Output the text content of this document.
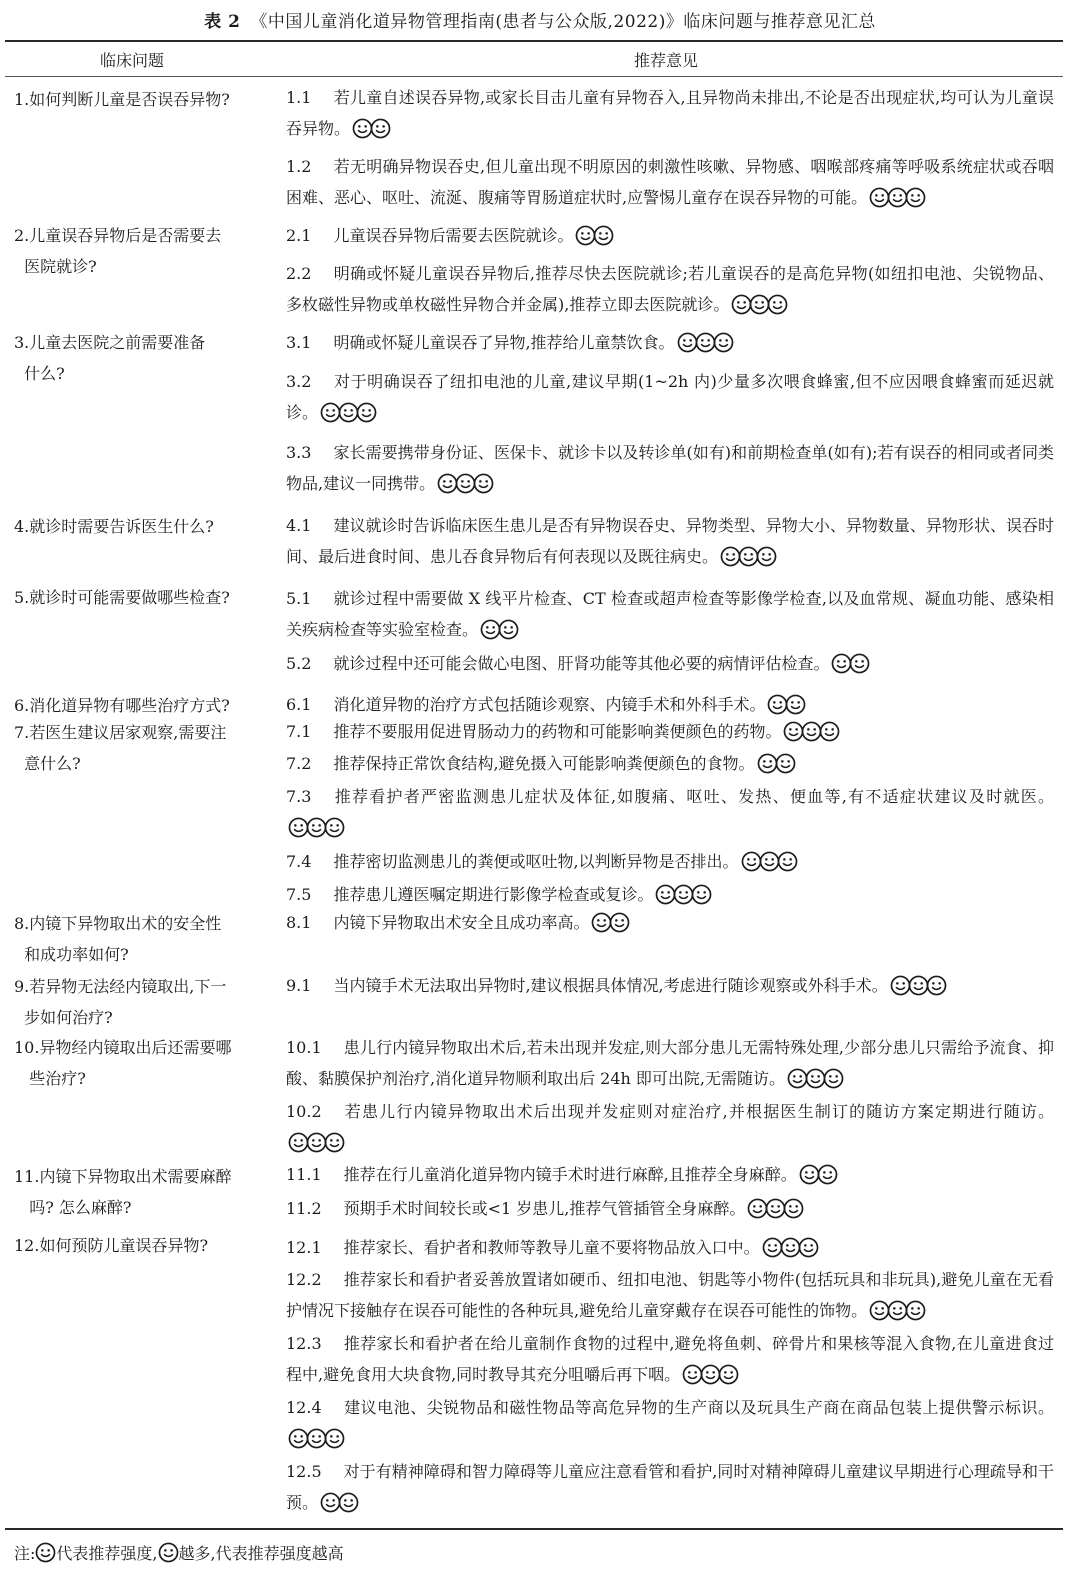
表 2 《中国儿童消化道异物管理指南(患者与公众版,2022)》临床问题与推荐意见汇总
临床问题	推荐意见
1.如何判断儿童是否误吞异物?
2.儿童误吞异物后是否需要去
医院就诊?
3.儿童去医院之前需要准备
什么?
4.就诊时需要告诉医生什么?
5.就诊时可能需要做哪些检查?
6.消化道异物有哪些治疗方式?
7.若医生建议居家观察,需要注
意什么?
8.内镜下异物取出术的安全性
和成功率如何?
9.若异物无法经内镜取出,下一
步如何治疗?
10.异物经内镜取出后还需要哪
些治疗?
11.内镜下异物取出术需要麻醉
吗? 怎么麻醉?
12.如何预防儿童误吞异物?
1.1 若儿童自述误吞异物,或家长目击儿童有异物吞入,且异物尚未排出,不论是否出现症状,均可认为儿童误吞异物。
1.2 若无明确异物误吞史,但儿童出现不明原因的刺激性咳嗽、异物感、咽喉部疼痛等呼吸系统症状或吞咽困难、恶心、呕吐、流涎、腹痛等胃肠道症状时,应警惕儿童存在误吞异物的可能。
2.1 儿童误吞异物后需要去医院就诊。
2.2 明确或怀疑儿童误吞异物后,推荐尽快去医院就诊;若儿童误吞的是高危异物(如纽扣电池、尖锐物品、多枚磁性异物或单枚磁性异物合并金属),推荐立即去医院就诊。
3.1 明确或怀疑儿童误吞了异物,推荐给儿童禁饮食。
3.2 对于明确误吞了纽扣电池的儿童,建议早期(1~2h 内)少量多次喂食蜂蜜,但不应因喂食蜂蜜而延迟就诊。
3.3 家长需要携带身份证、医保卡、就诊卡以及转诊单(如有)和前期检查单(如有);若有误吞的相同或者同类物品,建议一同携带。
4.1 建议就诊时告诉临床医生患儿是否有异物误吞史、异物类型、异物大小、异物数量、异物形状、误吞时间、最后进食时间、患儿吞食异物后有何表现以及既往病史。
5.1 就诊过程中需要做 X 线平片检查、CT 检查或超声检查等影像学检查,以及血常规、凝血功能、感染相关疾病检查等实验室检查。
5.2 就诊过程中还可能会做心电图、肝肾功能等其他必要的病情评估检查。
6.1 消化道异物的治疗方式包括随诊观察、内镜手术和外科手术。
7.1 推荐不要服用促进胃肠动力的药物和可能影响粪便颜色的药物。
7.2 推荐保持正常饮食结构,避免摄入可能影响粪便颜色的食物。
7.3 推荐看护者严密监测患儿症状及体征,如腹痛、呕吐、发热、便血等,有不适症状建议及时就医。
7.4 推荐密切监测患儿的粪便或呕吐物,以判断异物是否排出。
7.5 推荐患儿遵医嘱定期进行影像学检查或复诊。
8.1 内镜下异物取出术安全且成功率高。
9.1 当内镜手术无法取出异物时,建议根据具体情况,考虑进行随诊观察或外科手术。
10.1 患儿行内镜异物取出术后,若未出现并发症,则大部分患儿无需特殊处理,少部分患儿只需给予流食、抑酸、黏膜保护剂治疗,消化道异物顺利取出后 24h 即可出院,无需随访。
10.2 若患儿行内镜异物取出术后出现并发症则对症治疗,并根据医生制订的随访方案定期进行随访。
11.1 推荐在行儿童消化道异物内镜手术时进行麻醉,且推荐全身麻醉。
11.2 预期手术时间较长或<1 岁患儿,推荐气管插管全身麻醉。
12.1 推荐家长、看护者和教师等教导儿童不要将物品放入口中。
12.2 推荐家长和看护者妥善放置诸如硬币、纽扣电池、钥匙等小物件(包括玩具和非玩具),避免儿童在无看护情况下接触存在误吞可能性的各种玩具,避免给儿童穿戴存在误吞可能性的饰物。
12.3 推荐家长和看护者在给儿童制作食物的过程中,避免将鱼刺、碎骨片和果核等混入食物,在儿童进食过程中,避免食用大块食物,同时教导其充分咀嚼后再下咽。
12.4 建议电池、尖锐物品和磁性物品等高危异物的生产商以及玩具生产商在商品包装上提供警示标识。
12.5 对于有精神障碍和智力障碍等儿童应注意看管和看护,同时对精神障碍儿童建议早期进行心理疏导和干预。
注: 代表推荐强度, 越多,代表推荐强度越高
